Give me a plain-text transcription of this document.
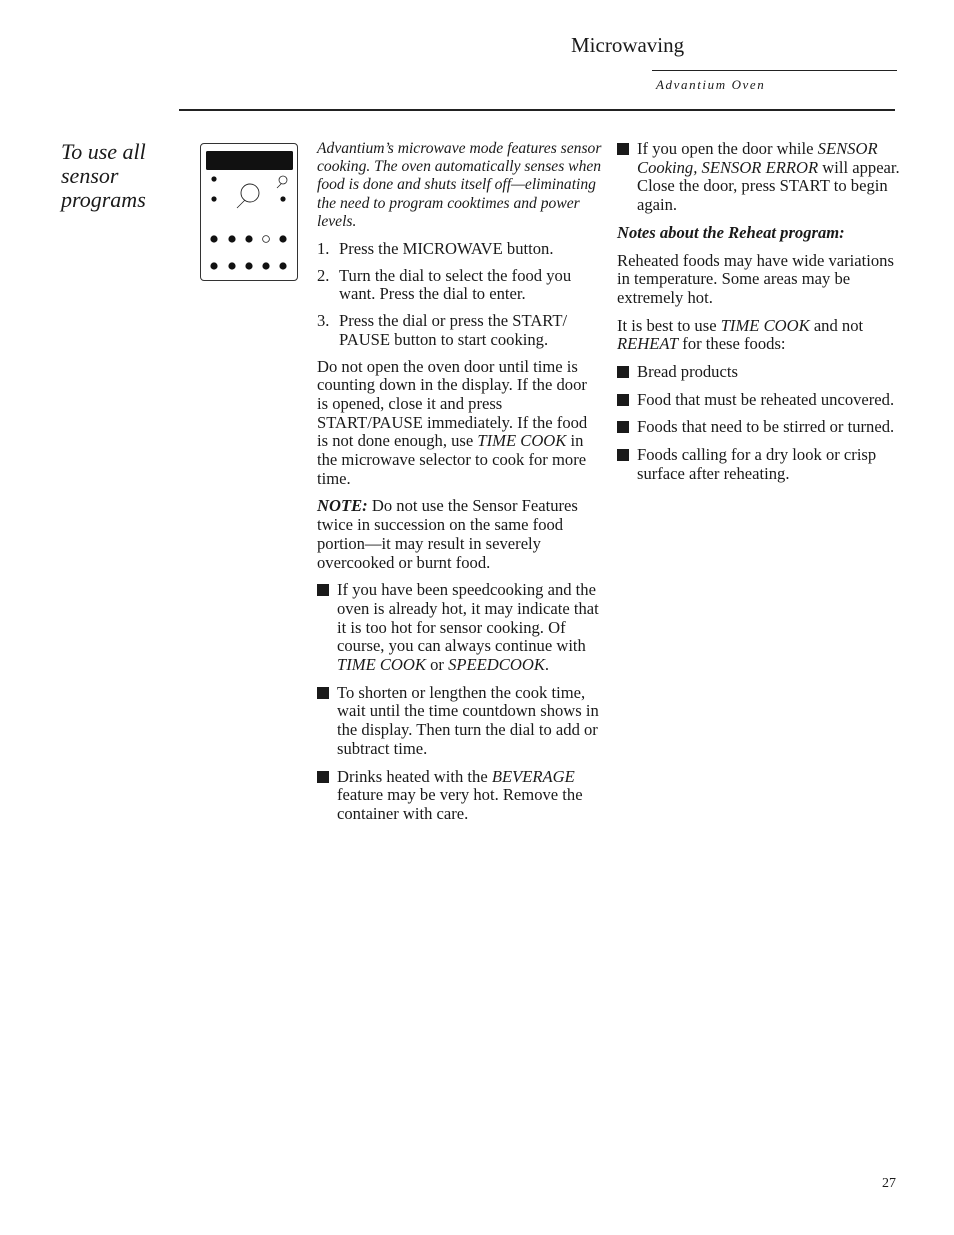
Microwaving
Advantium Oven
To use all sensor programs

Advantium’s microwave mode features sensor cooking. The oven automatically senses when food is done and shuts itself off—eliminating the need to program cooktimes and power levels.

1. Press the MICROWAVE button.
2. Turn the dial to select the food you want. Press the dial to enter.
3. Press the dial or press the START/ PAUSE button to start cooking.

Do not open the oven door until time is counting down in the display. If the door is opened, close it and press START/PAUSE immediately. If the food is not done enough, use TIME COOK in the microwave selector to cook for more time.

NOTE: Do not use the Sensor Features twice in succession on the same food portion—it may result in severely overcooked or burnt food.

If you have been speedcooking and the oven is already hot, it may indicate that it is too hot for sensor cooking. Of course, you can always continue with TIME COOK or SPEEDCOOK.
To shorten or lengthen the cook time, wait until the time countdown shows in the display. Then turn the dial to add or subtract time.
Drinks heated with the BEVERAGE feature may be very hot. Remove the container with care.
If you open the door while SENSOR Cooking, SENSOR ERROR will appear. Close the door, press START to begin again.

Notes about the Reheat program:

Reheated foods may have wide variations in temperature. Some areas may be extremely hot.

It is best to use TIME COOK and not REHEAT for these foods:

Bread products
Food that must be reheated uncovered.
Foods that need to be stirred or turned.
Foods calling for a dry look or crisp surface after reheating.
27
